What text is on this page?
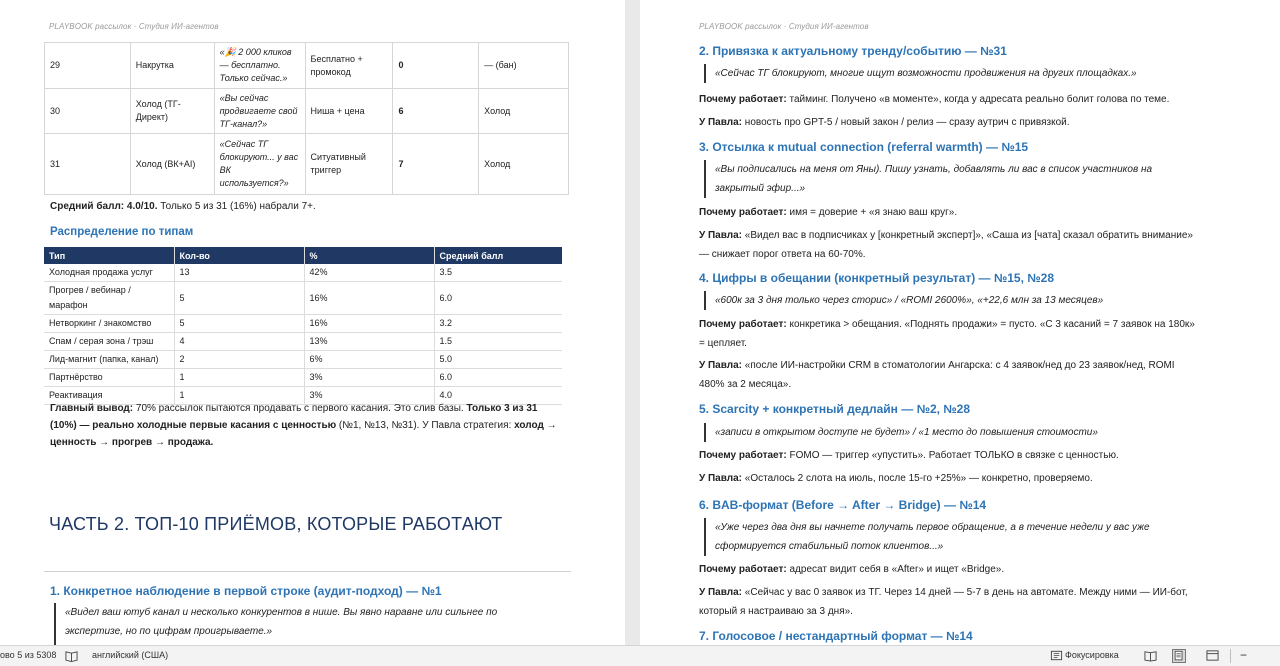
PLAYBOOK рассылок · Студия ИИ-агентов
29	Накрутка	«🎉 2 000 кликов — бесплатно. Только сейчас.»	Бесплатно + промокод	0	— (бан)
30	Холод (ТГ-Директ)	«Вы сейчас продвигаете свой ТГ-канал?»	Ниша + цена	6	Холод
31	Холод (ВК+AI)	«Сейчас ТГ блокируют... у вас ВК используется?»	Ситуативный триггер	7	Холод
Средний балл: 4.0/10. Только 5 из 31 (16%) набрали 7+.
Распределение по типам
Тип	Кол-во	%	Средний балл
Холодная продажа услуг	13	42%	3.5
Прогрев / вебинар / марафон	5	16%	6.0
Нетворкинг / знакомство	5	16%	3.2
Спам / серая зона / трэш	4	13%	1.5
Лид-магнит (папка, канал)	2	6%	5.0
Партнёрство	1	3%	6.0
Реактивация	1	3%	4.0
Главный вывод: 70% рассылок пытаются продавать с первого касания. Это слив базы. Только 3 из 31
(10%) — реально холодные первые касания с ценностью (№1, №13, №31). У Павла стратегия: холод →
ценность → прогрев → продажа.
ЧАСТЬ 2. ТОП-10 ПРИЁМОВ, КОТОРЫЕ РАБОТАЮТ
1. Конкретное наблюдение в первой строке (аудит-подход) — №1
«Видел ваш ютуб канал и несколько конкурентов в нише. Вы явно наравне или сильнее по
экспертизе, но по цифрам проигрываете.»
PLAYBOOK рассылок · Студия ИИ-агентов
2. Привязка к актуальному тренду/событию — №31
«Сейчас ТГ блокируют, многие ищут возможности продвижения на других площадках.»
Почему работает: тайминг. Получено «в моменте», когда у адресата реально болит голова по теме.
У Павла: новость про GPT-5 / новый закон / релиз — сразу аутрич с привязкой.
3. Отсылка к mutual connection (referral warmth) — №15
«Вы подписались на меня от Яны). Пишу узнать, добавлять ли вас в список участников на
закрытый эфир...»
Почему работает: имя = доверие + «я знаю ваш круг».
У Павла: «Видел вас в подписчиках у [конкретный эксперт]», «Саша из [чата] сказал обратить внимание»
— снижает порог ответа на 60-70%.
4. Цифры в обещании (конкретный результат) — №15, №28
«600к за 3 дня только через сторис» / «ROMI 2600%», «+22,6 млн за 13 месяцев»
Почему работает: конкретика > обещания. «Поднять продажи» = пусто. «С 3 касаний = 7 заявок на 180к»
= цепляет.
У Павла: «после ИИ-настройки CRM в стоматологии Ангарска: с 4 заявок/нед до 23 заявок/нед, ROMI
480% за 2 месяца».
5. Scarcity + конкретный дедлайн — №2, №28
«записи в открытом доступе не будет» / «1 место до повышения стоимости»
Почему работает: FOMO — триггер «упустить». Работает ТОЛЬКО в связке с ценностью.
У Павла: «Осталось 2 слота на июль, после 15-го +25%» — конкретно, проверяемо.
6. BAB-формат (Before → After → Bridge) — №14
«Уже через два дня вы начнете получать первое обращение, а в течение недели у вас уже
сформируется стабильный поток клиентов...»
Почему работает: адресат видит себя в «After» и ищет «Bridge».
У Павла: «Сейчас у вас 0 заявок из ТГ. Через 14 дней — 5-7 в день на автомате. Между ними — ИИ-бот,
который я настраиваю за 3 дня».
7. Голосовое / нестандартный формат — №14
ово 5 из 5308	английский (США)	Фокусировка	−
